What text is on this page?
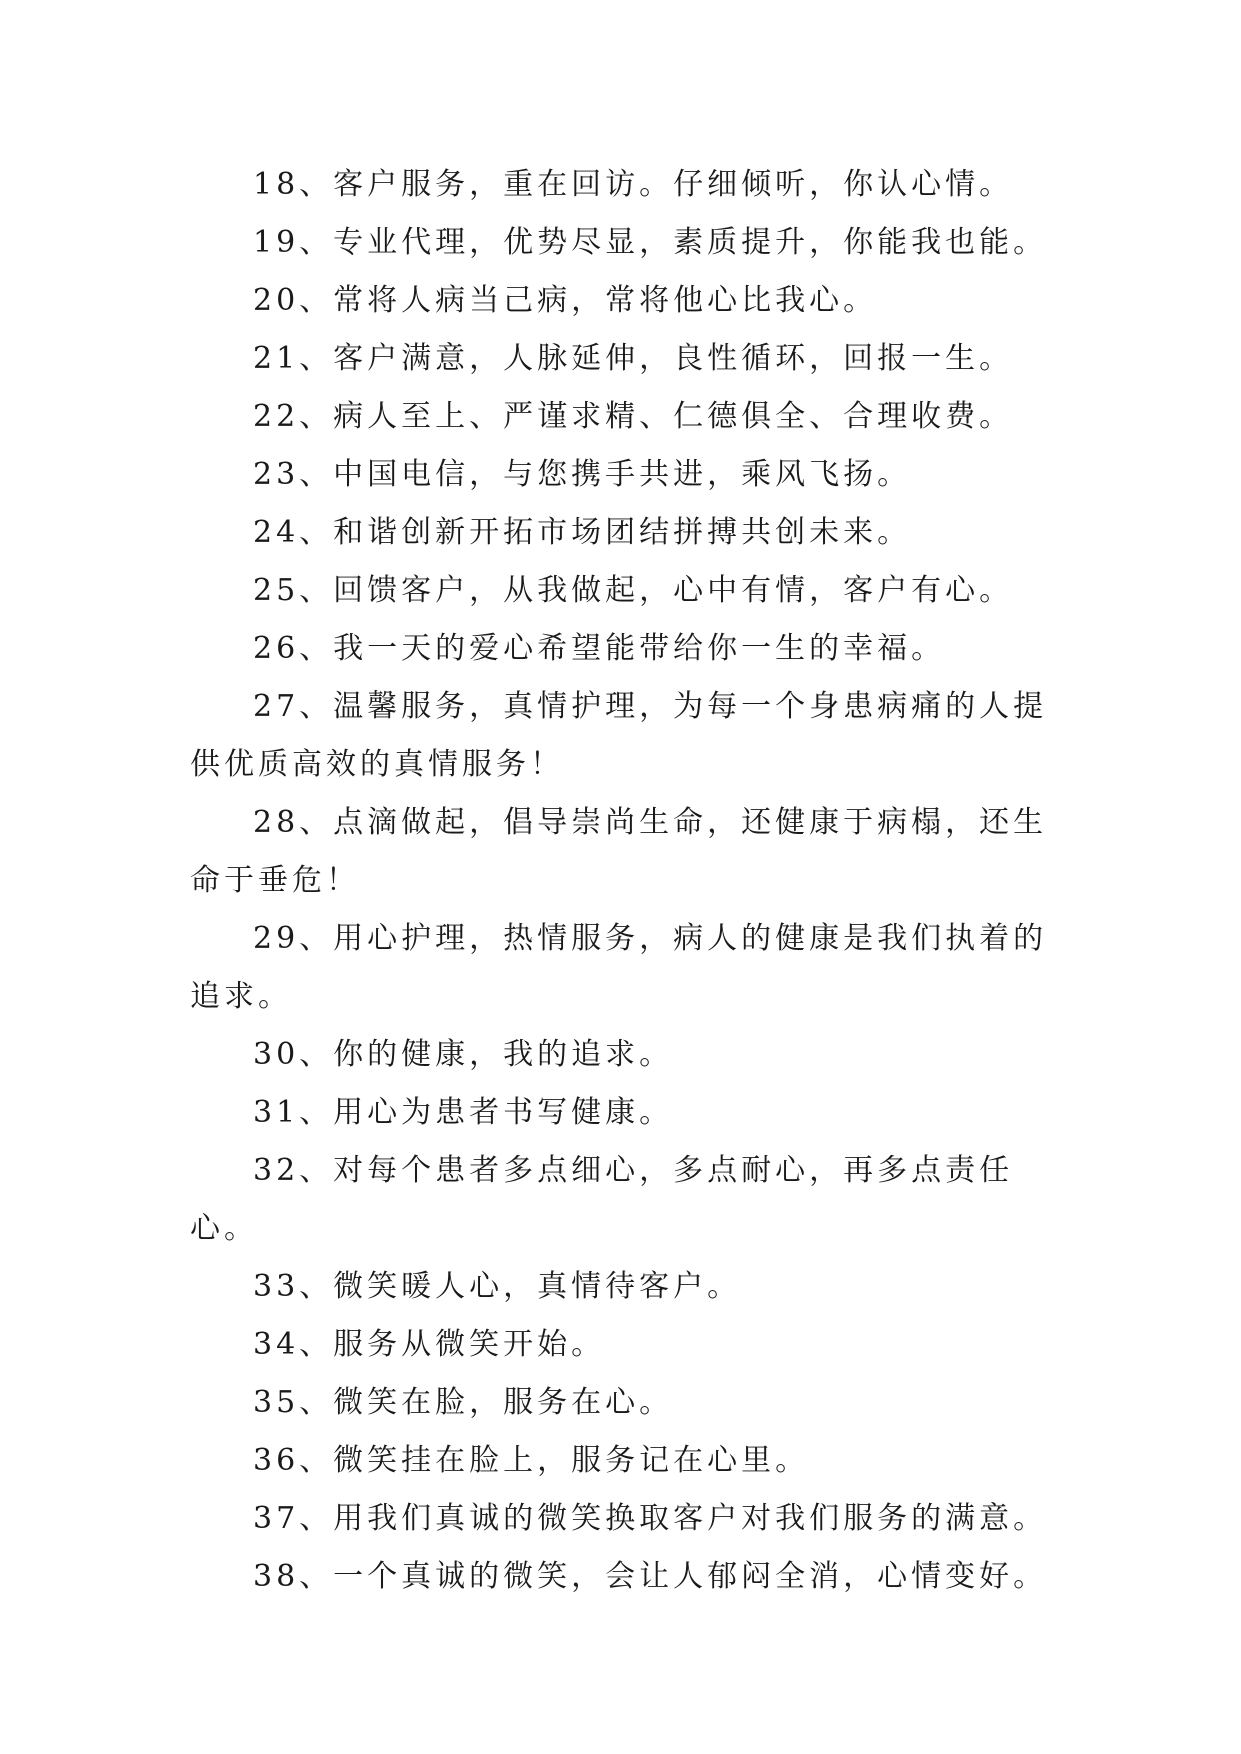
18、客户服务，重在回访。仔细倾听，你认心情。

19、专业代理，优势尽显，素质提升，你能我也能。

20、常将人病当己病，常将他心比我心。

21、客户满意，人脉延伸，良性循环，回报一生。

22、病人至上、严谨求精、仁德俱全、合理收费。

23、中国电信，与您携手共进，乘风飞扬。

24、和谐创新开拓市场团结拼搏共创未来。

25、回馈客户，从我做起，心中有情，客户有心。

26、我一天的爱心希望能带给你一生的幸福。

27、温馨服务，真情护理，为每一个身患病痛的人提供优质高效的真情服务！

28、点滴做起，倡导崇尚生命，还健康于病榻，还生命于垂危！

29、用心护理，热情服务，病人的健康是我们执着的追求。

30、你的健康，我的追求。

31、用心为患者书写健康。

32、对每个患者多点细心，多点耐心，再多点责任心。

33、微笑暖人心，真情待客户。

34、服务从微笑开始。

35、微笑在脸，服务在心。

36、微笑挂在脸上，服务记在心里。

37、用我们真诚的微笑换取客户对我们服务的满意。

38、一个真诚的微笑，会让人郁闷全消，心情变好。
